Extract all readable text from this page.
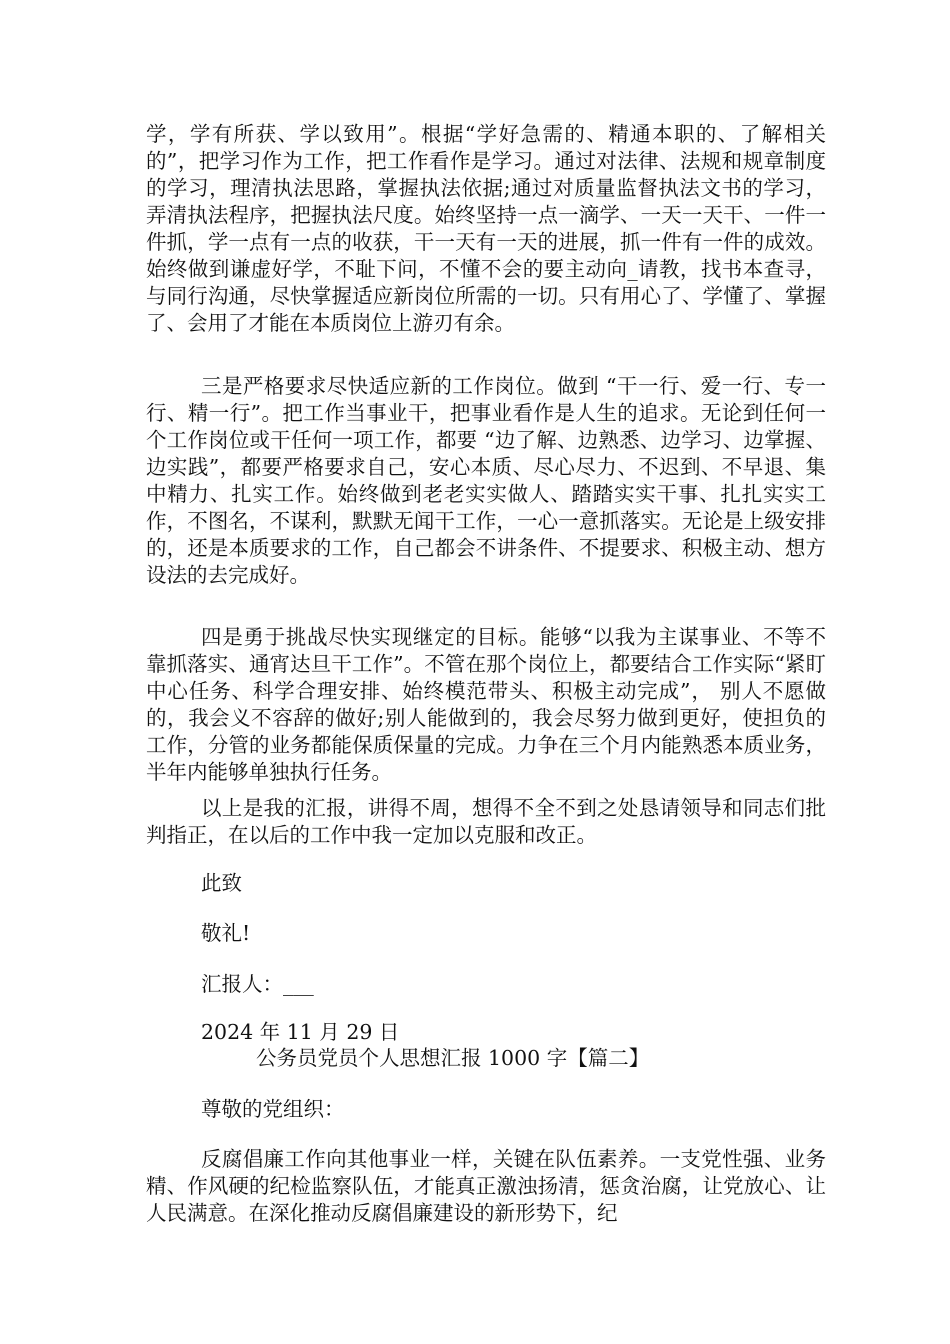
学，学有所获、学以致用”。根据“学好急需的、精通本职的、了解相关的”，把学习作为工作，把工作看作是学习。通过对法律、法规和规章制度的学习，理清执法思路，掌握执法依据;通过对质量监督执法文书的学习，弄清执法程序，把握执法尺度。始终坚持一点一滴学、一天一天干、一件一件抓，学一点有一点的收获，干一天有一天的进展，抓一件有一件的成效。始终做到谦虚好学，不耻下问，不懂不会的要主动向_请教，找书本查寻，与同行沟通，尽快掌握适应新岗位所需的一切。只有用心了、学懂了、掌握了、会用了才能在本质岗位上游刃有余。

三是严格要求尽快适应新的工作岗位。做到 “干一行、爱一行、专一行、精一行”。把工作当事业干，把事业看作是人生的追求。无论到任何一个工作岗位或干任何一项工作，都要 “边了解、边熟悉、边学习、边掌握、边实践”，都要严格要求自己，安心本质、尽心尽力、不迟到、不早退、集中精力、扎实工作。始终做到老老实实做人、踏踏实实干事、扎扎实实工作，不图名，不谋利，默默无闻干工作，一心一意抓落实。无论是上级安排的，还是本质要求的工作，自己都会不讲条件、不提要求、积极主动、想方设法的去完成好。

四是勇于挑战尽快实现继定的目标。能够“以我为主谋事业、不等不靠抓落实、通宵达旦干工作”。不管在那个岗位上，都要结合工作实际“紧盯中心任务、科学合理安排、始终模范带头、积极主动完成”， 别人不愿做的，我会义不容辞的做好;别人能做到的，我会尽努力做到更好，使担负的工作，分管的业务都能保质保量的完成。力争在三个月内能熟悉本质业务，半年内能够单独执行任务。

以上是我的汇报，讲得不周，想得不全不到之处恳请领导和同志们批判指正，在以后的工作中我一定加以克服和改正。

此致

敬礼!

汇报人：___

2024 年 11 月 29 日

公务员党员个人思想汇报 1000 字【篇二】

尊敬的党组织：

反腐倡廉工作向其他事业一样，关键在队伍素养。一支党性强、业务精、作风硬的纪检监察队伍，才能真正激浊扬清，惩贪治腐，让党放心、让人民满意。在深化推动反腐倡廉建设的新形势下，纪
